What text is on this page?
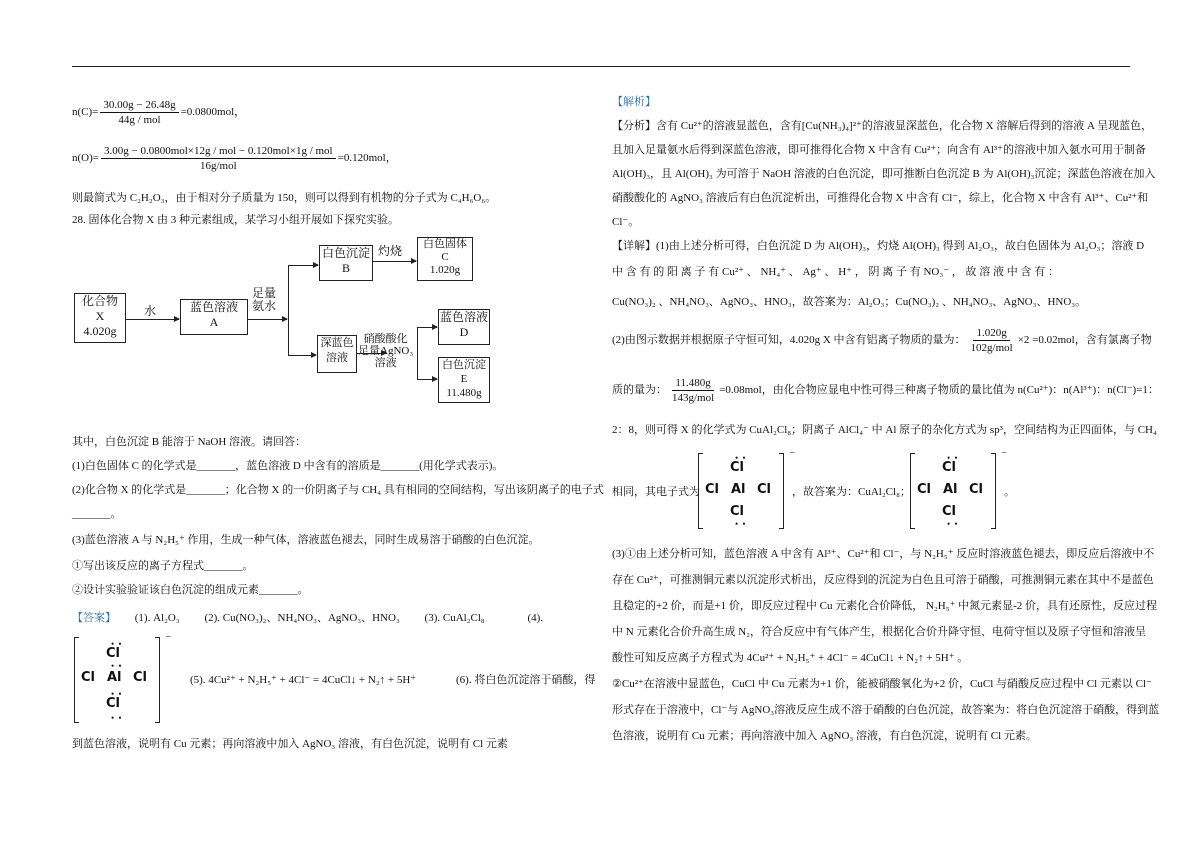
$n(C)= \frac{30.00g - 26.48g}{\text{44g / mol}} =0.0800mol$，
$n(O)= \frac{\text{3.00g − 0.0800mol×12g / mol − 0.120mol×1g / mol}}{\text{16g/mol}} =0.120mol$，
则最简式为 C₂H₂O₃，由于相对分子质量为 150，则可以得到有机物的分子式为 C₄H₆O₆。
28. 固体化合物 X 由 3 种元素组成，某学习小组开展如下探究实验。
化合物
X
4.020g
水	蓝色溶液
A
足量
氨水
白色沉淀
B
灼烧	白色固体
C
1.020g
深蓝色
溶液
硝酸酸化
足量AgNO₃
溶液
蓝色溶液
D
白色沉淀
E
11.480g
其中，白色沉淀 B 能溶于 NaOH 溶液。请回答：
(1)白色固体 C 的化学式是_______，蓝色溶液 D 中含有的溶质是_______(用化学式表示)。
(2)化合物 X 的化学式是_______；化合物 X 的一价阴离子与 CH₄ 具有相同的空间结构，写出该阴离子的电子式
_______。
(3)蓝色溶液 A 与 N₂H₅⁺ 作用，生成一种气体，溶液蓝色褪去，同时生成易溶于硝酸的白色沉淀。
①写出该反应的离子方程式_______。
②设计实验验证该白色沉淀的组成元素_______。
【答案】 (1). Al₂O₃ (2). Cu(NO₃)₂、NH₄NO₃、AgNO₃、HNO₃ (3). CuAl₂Cl₈	(4).
• •
Cl
• •
Cl Al Cl
• •
Cl
• •
−
(5). 4Cu²⁺ + N₂H₅⁺ + 4Cl⁻ = 4CuCl↓ + N₂↑ + 5H⁺	(6). 将白色沉淀溶于硝酸，得
到蓝色溶液，说明有 Cu 元素；再向溶液中加入 AgNO₃ 溶液，有白色沉淀，说明有 Cl 元素
【解析】
【分析】含有 Cu²⁺的溶液显蓝色，含有[Cu(NH₃)₄]²⁺的溶液显深蓝色，化合物 X 溶解后得到的溶液 A 呈现蓝色，
且加入足量氨水后得到深蓝色溶液，即可推得化合物 X 中含有 Cu²⁺；向含有 Al³⁺的溶液中加入氨水可用于制备
Al(OH)₃，且 Al(OH)₃ 为可溶于 NaOH 溶液的白色沉淀，即可推断白色沉淀 B 为 Al(OH)₃沉淀；深蓝色溶液在加入
硝酸酸化的 AgNO₃ 溶液后有白色沉淀析出，可推得化合物 X 中含有 Cl⁻，综上，化合物 X 中含有 Al³⁺、Cu²⁺和
Cl⁻。
【详解】(1)由上述分析可得，白色沉淀 D 为 Al(OH)₃，灼烧 Al(OH)₃ 得到 Al₂O₃，故白色固体为 Al₂O₃；溶液 D
中 含 有 的 阳 离 子 有 Cu²⁺ 、 NH₄⁺ 、 Ag⁺ 、 H⁺ ， 阴 离 子 有 NO₃⁻ ， 故 溶 液 中 含 有 ：
Cu(NO₃)₂ 、NH₄NO₃、AgNO₃、HNO₃，故答案为：Al₂O₃；Cu(NO₃)₂ 、NH₄NO₃、AgNO₃、HNO₃。
(2)由图示数据并根据原子守恒可知，4.020g X 中含有铝离子物质的量为： $\frac{1.020g}{\text{102g/mol}} \times 2 =0.02mol$，含有氯离子物
质的量为： $\frac{11.480g}{\text{143g/mol}} =0.08mol$，由化合物应显电中性可得三种离子物质的量比值为 n(Cu²⁺)：n(Al³⁺)：n(Cl⁻)=1：
2：8，则可得 X 的化学式为 CuAl₂Cl₈；阴离子 AlCl₄⁻ 中 Al 原子的杂化方式为 sp³，空间结构为正四面体，与 CH₄
相同，其电子式为
• •
Cl
Cl Al Cl
Cl
• •
−
，故答案为：CuAl₂Cl₈；
• •
Cl
Cl Al Cl
Cl
• •
−
。
(3)①由上述分析可知，蓝色溶液 A 中含有 Al³⁺、Cu²⁺和 Cl⁻，与 N₂H₅⁺ 反应时溶液蓝色褪去，即反应后溶液中不
存在 Cu²⁺，可推测铜元素以沉淀形式析出，反应得到的沉淀为白色且可溶于硝酸，可推测铜元素在其中不是蓝色
且稳定的+2 价，而是+1 价，即反应过程中 Cu 元素化合价降低， N₂H₅⁺ 中氮元素显-2 价，具有还原性，反应过程
中 N 元素化合价升高生成 N₂，符合反应中有气体产生，根据化合价升降守恒、电荷守恒以及原子守恒和溶液呈
酸性可知反应离子方程式为 4Cu²⁺ + N₂H₅⁺ + 4Cl⁻ = 4CuCl↓ + N₂↑ + 5H⁺ 。
②Cu²⁺在溶液中显蓝色，CuCl 中 Cu 元素为+1 价，能被硝酸氧化为+2 价，CuCl 与硝酸反应过程中 Cl 元素以 Cl⁻
形式存在于溶液中，Cl⁻与 AgNO₃溶液反应生成不溶于硝酸的白色沉淀，故答案为：将白色沉淀溶于硝酸，得到蓝
色溶液，说明有 Cu 元素；再向溶液中加入 AgNO₃ 溶液，有白色沉淀，说明有 Cl 元素。
